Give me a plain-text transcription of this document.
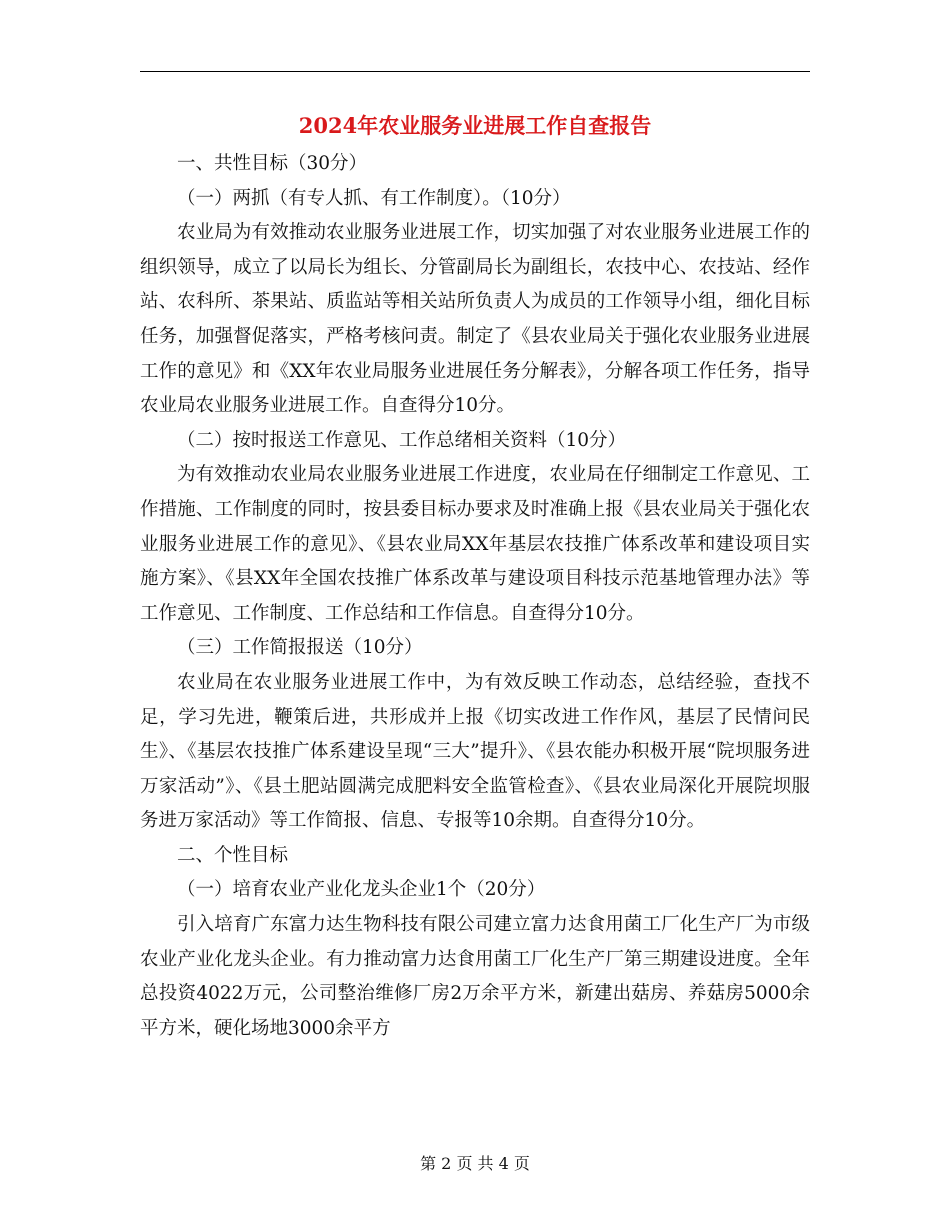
2024年农业服务业进展工作自查报告

一、共性目标（30分）

（一）两抓（有专人抓、有工作制度）。（10分）

农业局为有效推动农业服务业进展工作，切实加强了对农业服务业进展工作的组织领导，成立了以局长为组长、分管副局长为副组长，农技中心、农技站、经作站、农科所、茶果站、质监站等相关站所负责人为成员的工作领导小组，细化目标任务，加强督促落实，严格考核问责。制定了《县农业局关于强化农业服务业进展工作的意见》和《XX年农业局服务业进展任务分解表》，分解各项工作任务，指导农业局农业服务业进展工作。自查得分10分。

（二）按时报送工作意见、工作总绪相关资料（10分）

为有效推动农业局农业服务业进展工作进度，农业局在仔细制定工作意见、工作措施、工作制度的同时，按县委目标办要求及时准确上报《县农业局关于强化农业服务业进展工作的意见》、《县农业局XX年基层农技推广体系改革和建设项目实施方案》、《县XX年全国农技推广体系改革与建设项目科技示范基地管理办法》等工作意见、工作制度、工作总结和工作信息。自查得分10分。

（三）工作简报报送（10分）

农业局在农业服务业进展工作中，为有效反映工作动态，总结经验，查找不足，学习先进，鞭策后进，共形成并上报《切实改进工作作风，基层了民情问民生》、《基层农技推广体系建设呈现“三大”提升》、《县农能办积极开展“院坝服务进万家活动”》、《县土肥站圆满完成肥料安全监管检查》、《县农业局深化开展院坝服务进万家活动》等工作简报、信息、专报等10余期。自查得分10分。

二、个性目标

（一）培育农业产业化龙头企业1个（20分）

引入培育广东富力达生物科技有限公司建立富力达食用菌工厂化生产厂为市级农业产业化龙头企业。有力推动富力达食用菌工厂化生产厂第三期建设进度。全年总投资4022万元，公司整治维修厂房2万余平方米，新建出菇房、养菇房5000余平方米，硬化场地3000余平方

第 2 页 共 4 页
